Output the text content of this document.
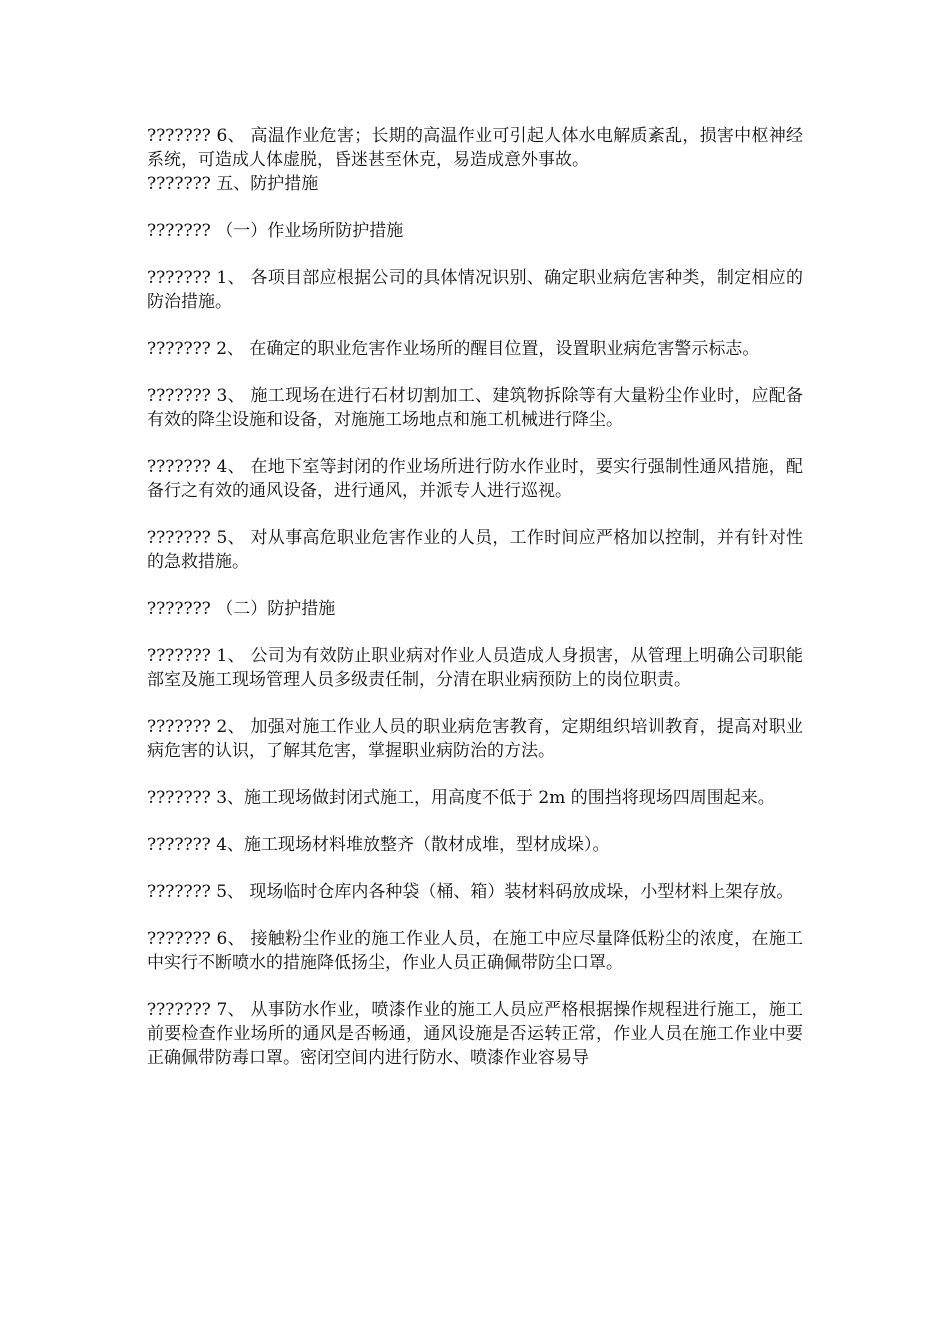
??????? 6、 高温作业危害；长期的高温作业可引起人体水电解质紊乱，损害中枢神经系统，可造成人体虚脱，昏迷甚至休克，易造成意外事故。

??????? 五、防护措施

??????? （一）作业场所防护措施

??????? 1、 各项目部应根据公司的具体情况识别、确定职业病危害种类，制定相应的防治措施。

??????? 2、 在确定的职业危害作业场所的醒目位置，设置职业病危害警示标志。

??????? 3、 施工现场在进行石材切割加工、建筑物拆除等有大量粉尘作业时，应配备有效的降尘设施和设备，对施施工场地点和施工机械进行降尘。

??????? 4、 在地下室等封闭的作业场所进行防水作业时，要实行强制性通风措施，配备行之有效的通风设备，进行通风，并派专人进行巡视。

??????? 5、 对从事高危职业危害作业的人员，工作时间应严格加以控制，并有针对性的急救措施。

??????? （二）防护措施

??????? 1、 公司为有效防止职业病对作业人员造成人身损害，从管理上明确公司职能部室及施工现场管理人员多级责任制，分清在职业病预防上的岗位职责。

??????? 2、 加强对施工作业人员的职业病危害教育，定期组织培训教育，提高对职业病危害的认识，了解其危害，掌握职业病防治的方法。

??????? 3、施工现场做封闭式施工，用高度不低于 2m 的围挡将现场四周围起来。

??????? 4、施工现场材料堆放整齐（散材成堆，型材成垛）。

??????? 5、 现场临时仓库内各种袋（桶、箱）装材料码放成垛，小型材料上架存放。

??????? 6、 接触粉尘作业的施工作业人员，在施工中应尽量降低粉尘的浓度，在施工中实行不断喷水的措施降低扬尘，作业人员正确佩带防尘口罩。

??????? 7、 从事防水作业，喷漆作业的施工人员应严格根据操作规程进行施工，施工前要检查作业场所的通风是否畅通，通风设施是否运转正常，作业人员在施工作业中要正确佩带防毒口罩。密闭空间内进行防水、喷漆作业容易导
